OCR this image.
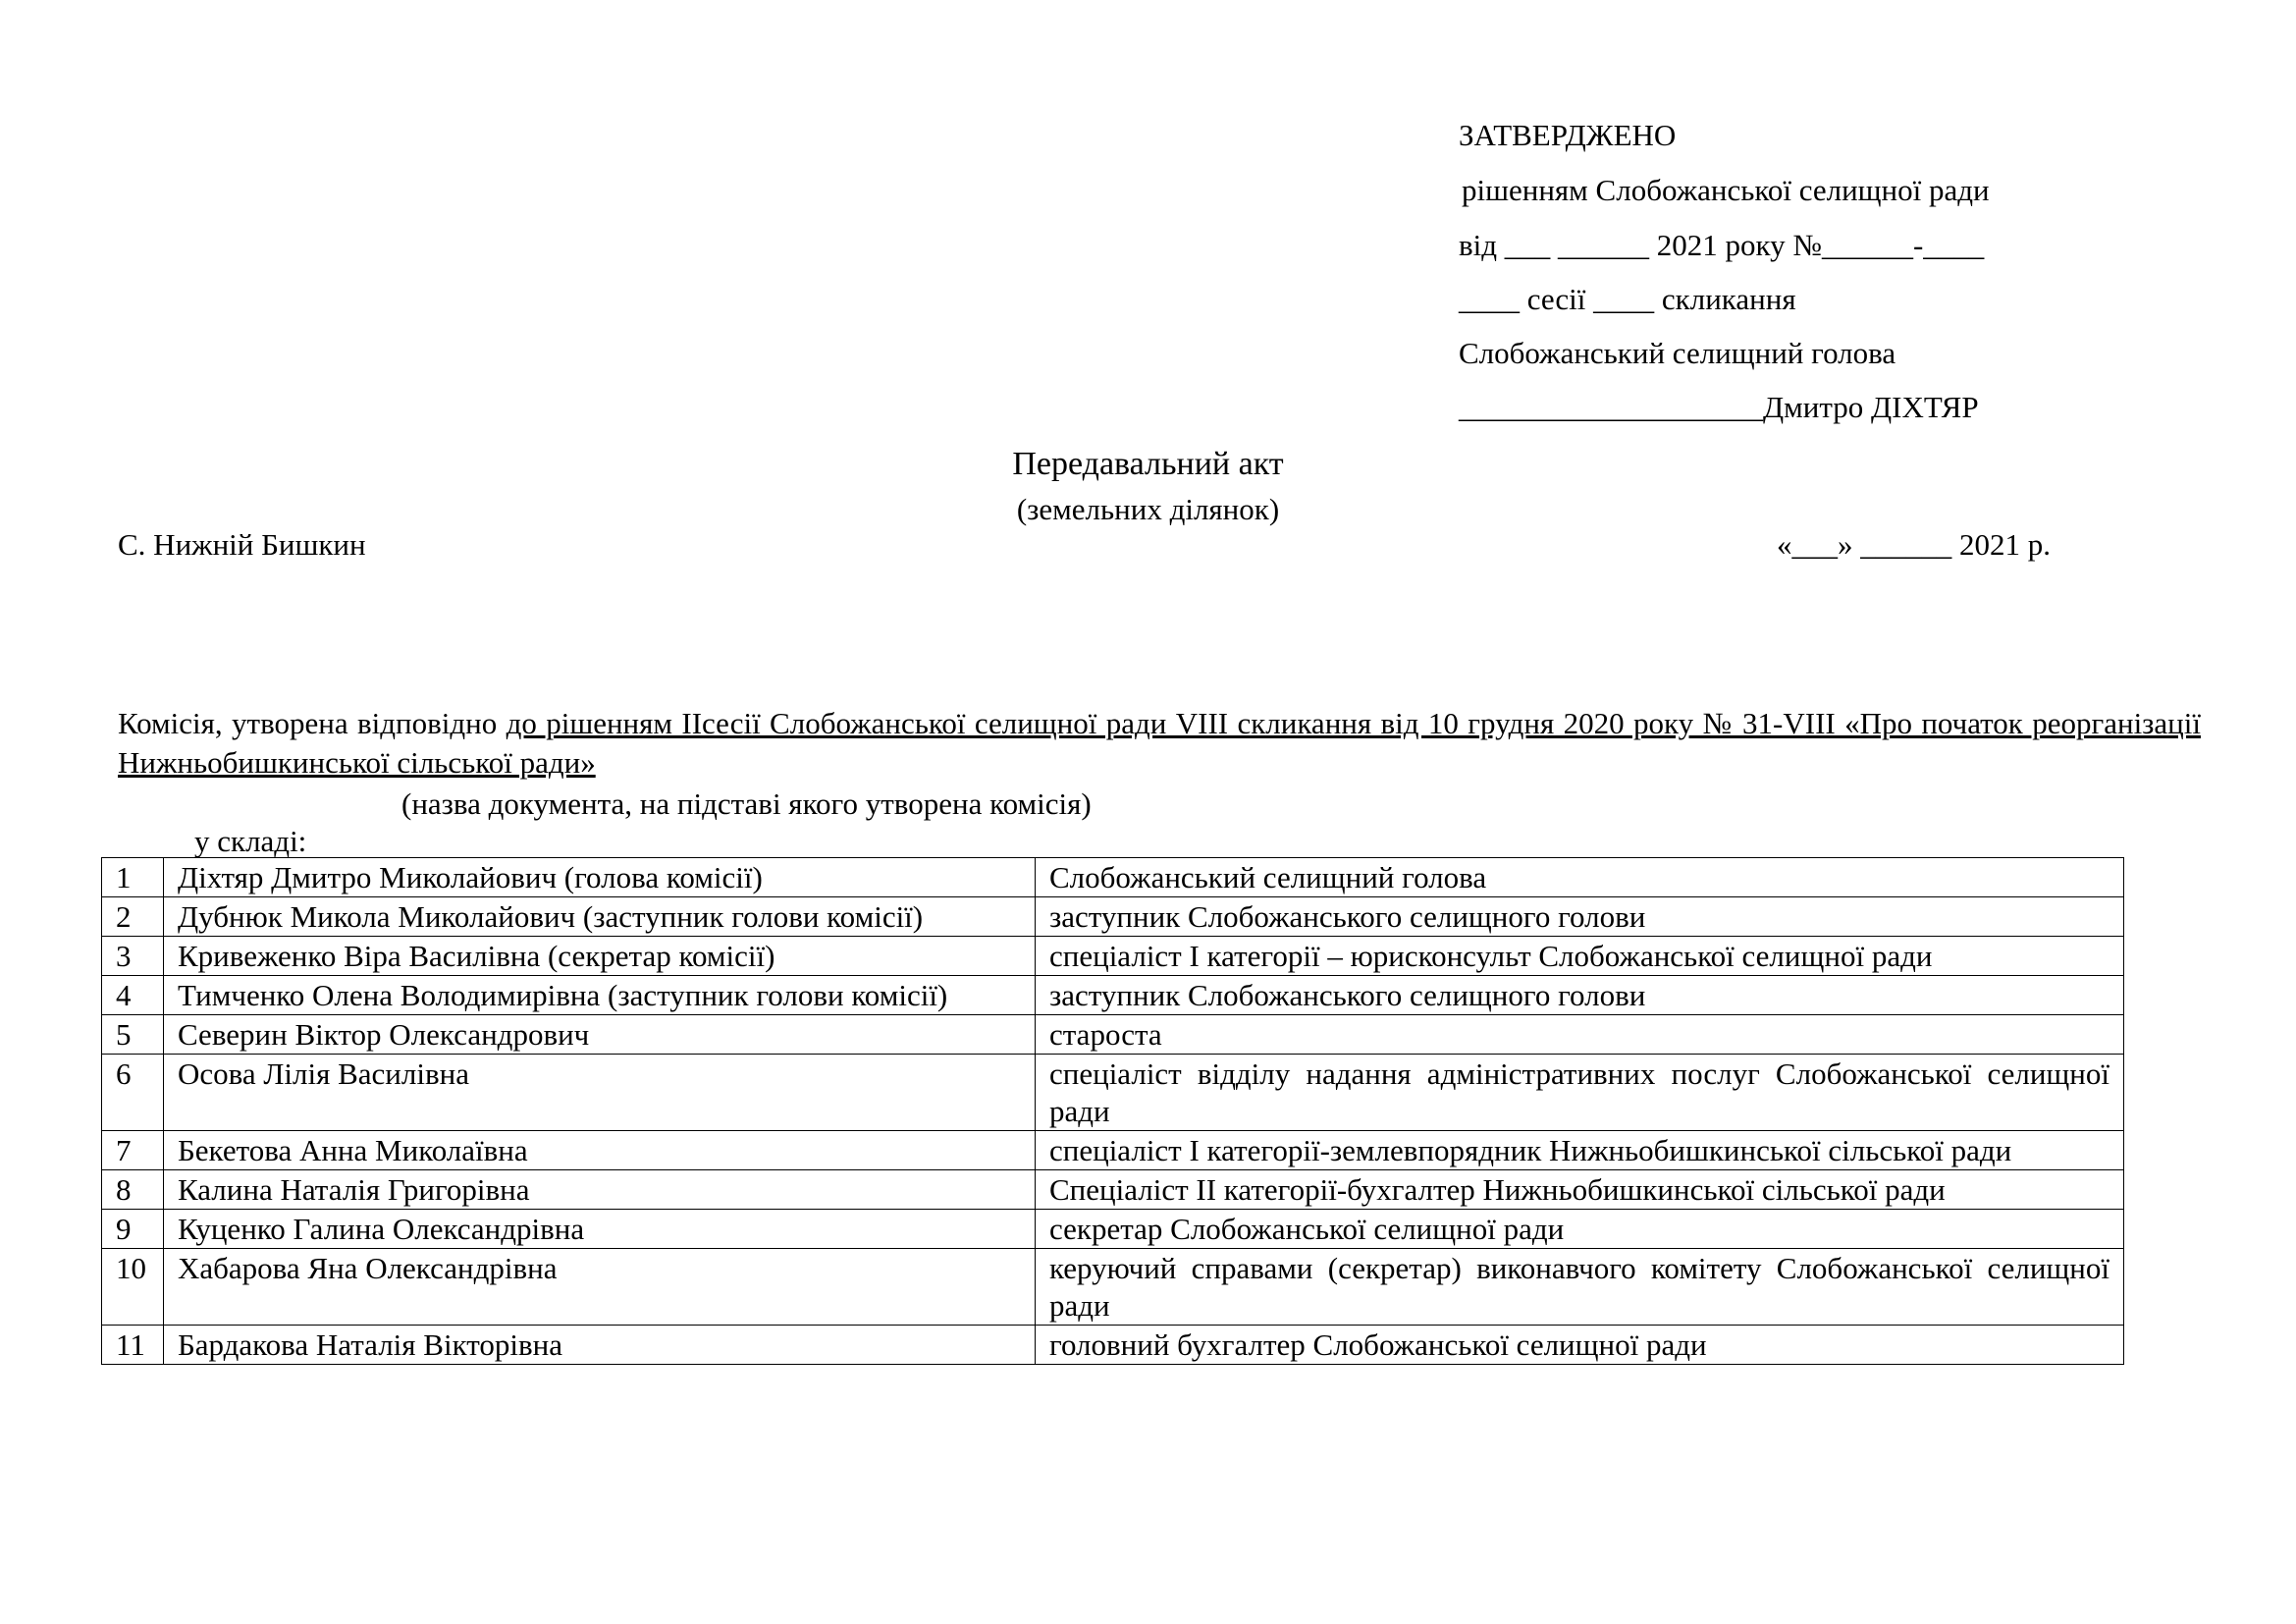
ЗАТВЕРДЖЕНО
рішенням Слобожанської селищної ради
від ___ ______ 2021 року №______-____
____ сесії ____ скликання
Слобожанський селищний голова
____________________Дмитро ДІХТЯР
Передавальний акт
(земельних ділянок)
С. Нижній Бишкин	«___» ______ 2021 р.
Комісія, утворена відповідно до рішенням IIсесії Слобожанської селищної ради VIII скликання від 10 грудня 2020 року № 31-VIII «Про початок реорганізації Нижньобишкинської сільської ради»
(назва документа, на підставі якого утворена комісія)
у складі:
1	Діхтяр Дмитро Миколайович (голова комісії)	Слобожанський селищний голова
2	Дубнюк Микола Миколайович (заступник голови комісії)	заступник Слобожанського селищного голови
3	Кривеженко Віра Василівна (секретар комісії)	спеціаліст І категорії – юрисконсульт Слобожанської селищної ради
4	Тимченко Олена Володимирівна (заступник голови комісії)	заступник Слобожанського селищного голови
5	Северин Віктор Олександрович	староста
6	Осова Лілія Василівна	спеціаліст відділу надання адміністративних послуг Слобожанської селищної ради
7	Бекетова Анна Миколаївна	спеціаліст І категорії-землевпорядник Нижньобишкинської сільської ради
8	Калина Наталія Григорівна	Спеціаліст ІІ категорії-бухгалтер Нижньобишкинської сільської ради
9	Куценко Галина Олександрівна	секретар Слобожанської селищної ради
10	Хабарова Яна Олександрівна	керуючий справами (секретар) виконавчого комітету Слобожанської селищної ради
11	Бардакова Наталія Вікторівна	головний бухгалтер Слобожанської селищної ради
